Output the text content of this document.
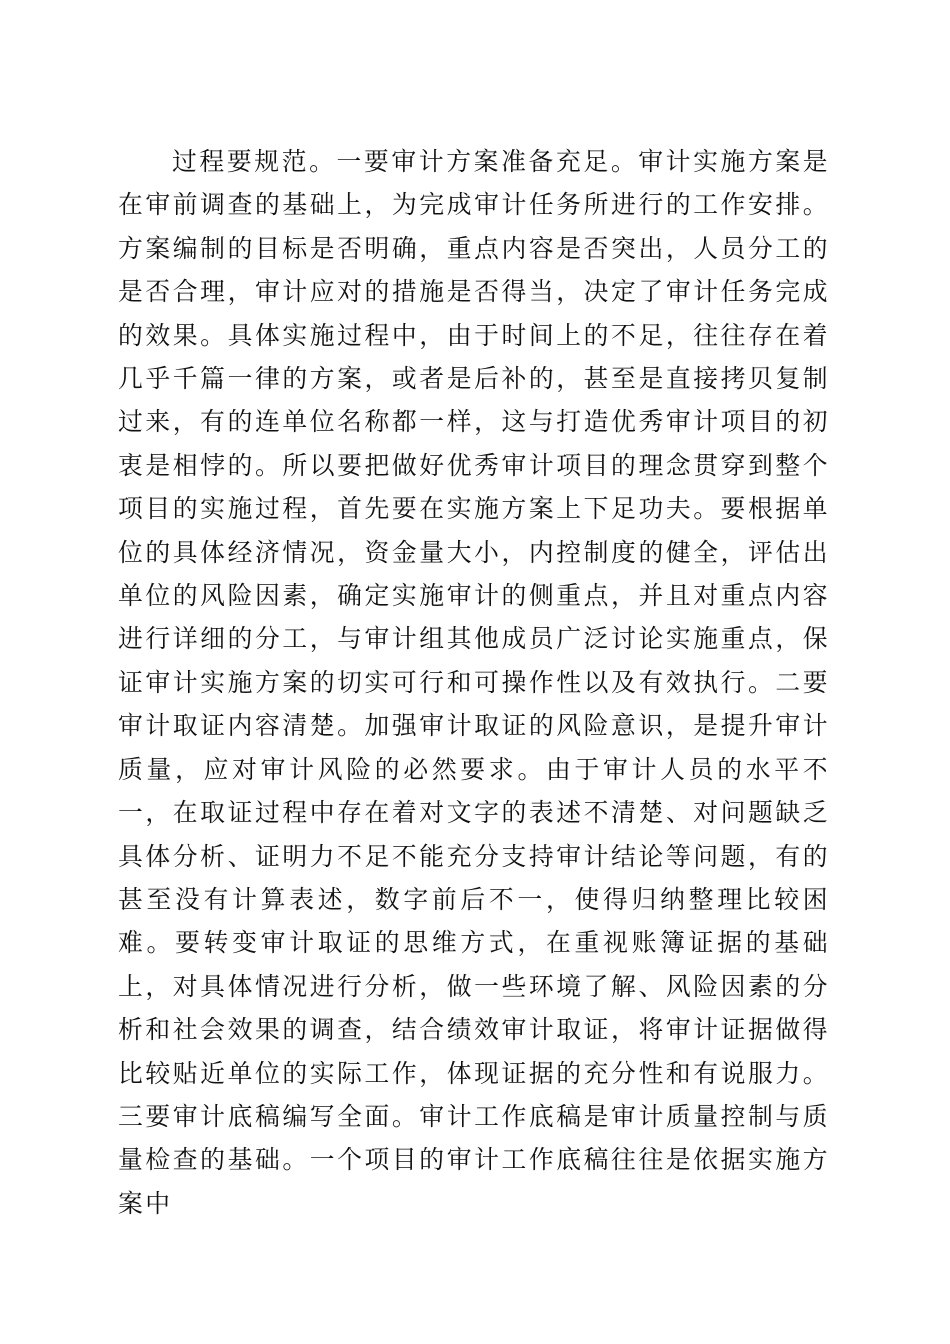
过程要规范。一要审计方案准备充足。审计实施方案是在审前调查的基础上，为完成审计任务所进行的工作安排。方案编制的目标是否明确，重点内容是否突出，人员分工的是否合理，审计应对的措施是否得当，决定了审计任务完成的效果。具体实施过程中，由于时间上的不足，往往存在着几乎千篇一律的方案，或者是后补的，甚至是直接拷贝复制过来，有的连单位名称都一样，这与打造优秀审计项目的初衷是相悖的。所以要把做好优秀审计项目的理念贯穿到整个项目的实施过程，首先要在实施方案上下足功夫。要根据单位的具体经济情况，资金量大小，内控制度的健全，评估出单位的风险因素，确定实施审计的侧重点，并且对重点内容进行详细的分工，与审计组其他成员广泛讨论实施重点，保证审计实施方案的切实可行和可操作性以及有效执行。二要审计取证内容清楚。加强审计取证的风险意识，是提升审计质量，应对审计风险的必然要求。由于审计人员的水平不一，在取证过程中存在着对文字的表述不清楚、对问题缺乏具体分析、证明力不足不能充分支持审计结论等问题，有的甚至没有计算表述，数字前后不一，使得归纳整理比较困难。要转变审计取证的思维方式，在重视账簿证据的基础上，对具体情况进行分析，做一些环境了解、风险因素的分析和社会效果的调查，结合绩效审计取证，将审计证据做得比较贴近单位的实际工作，体现证据的充分性和有说服力。三要审计底稿编写全面。审计工作底稿是审计质量控制与质量检查的基础。一个项目的审计工作底稿往往是依据实施方案中
